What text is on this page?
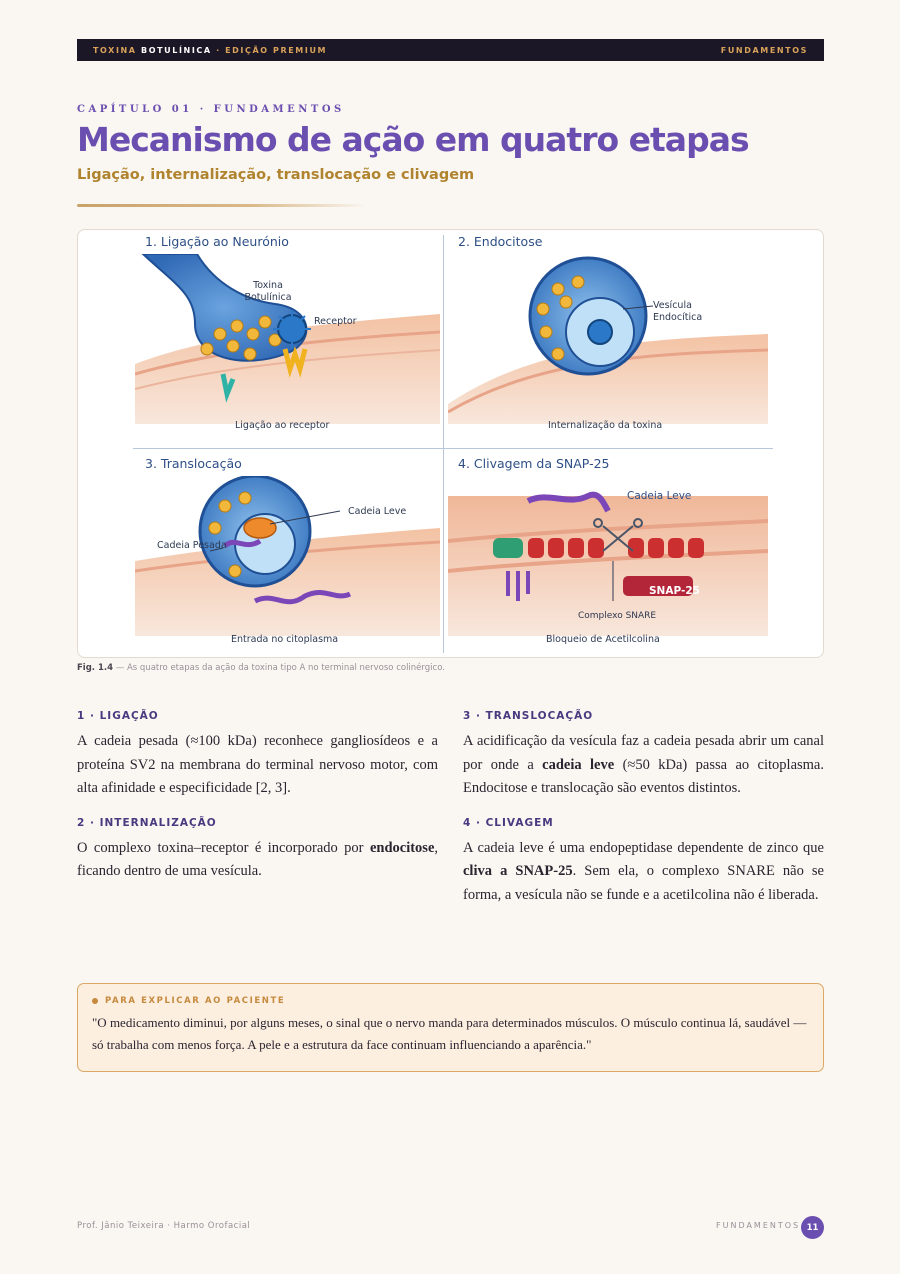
TOXINA BOTULÍNICA · EDIÇÃO PREMIUM	FUNDAMENTOS
CAPÍTULO 01 · FUNDAMENTOS
Mecanismo de ação em quatro etapas
Ligação, internalização, translocação e clivagem
1. Ligação ao Neurónio
Toxina Botulínica
Receptor
Ligação ao receptor
2. Endocitose
Vesícula Endocítica
Internalização da toxina
3. Translocação
Cadeia Leve
Cadeia Pesada
Entrada no citoplasma
4. Clivagem da SNAP-25
Cadeia Leve
SNAP-25
Complexo SNARE
Bloqueio de Acetilcolina
Fig. 1.4 — As quatro etapas da ação da toxina tipo A no terminal nervoso colinérgico.
1 · LIGAÇÃO

A cadeia pesada (≈100 kDa) reconhece gangliosídeos e a proteína SV2 na membrana do terminal nervoso motor, com alta afinidade e especificidade [2, 3].

2 · INTERNALIZAÇÃO

O complexo toxina–receptor é incorporado por endocitose, ficando dentro de uma vesícula.

3 · TRANSLOCAÇÃO

A acidificação da vesícula faz a cadeia pesada abrir um canal por onde a cadeia leve (≈50 kDa) passa ao citoplasma. Endocitose e translocação são eventos distintos.

4 · CLIVAGEM

A cadeia leve é uma endopeptidase dependente de zinco que cliva a SNAP-25. Sem ela, o complexo SNARE não se forma, a vesícula não se funde e a acetilcolina não é liberada.

PARA EXPLICAR AO PACIENTE
"O medicamento diminui, por alguns meses, o sinal que o nervo manda para determinados músculos. O músculo continua lá, saudável — só trabalha com menos força. A pele e a estrutura da face continuam influenciando a aparência."
Prof. Jânio Teixeira · Harmo Orofacial	FUNDAMENTOS 11
